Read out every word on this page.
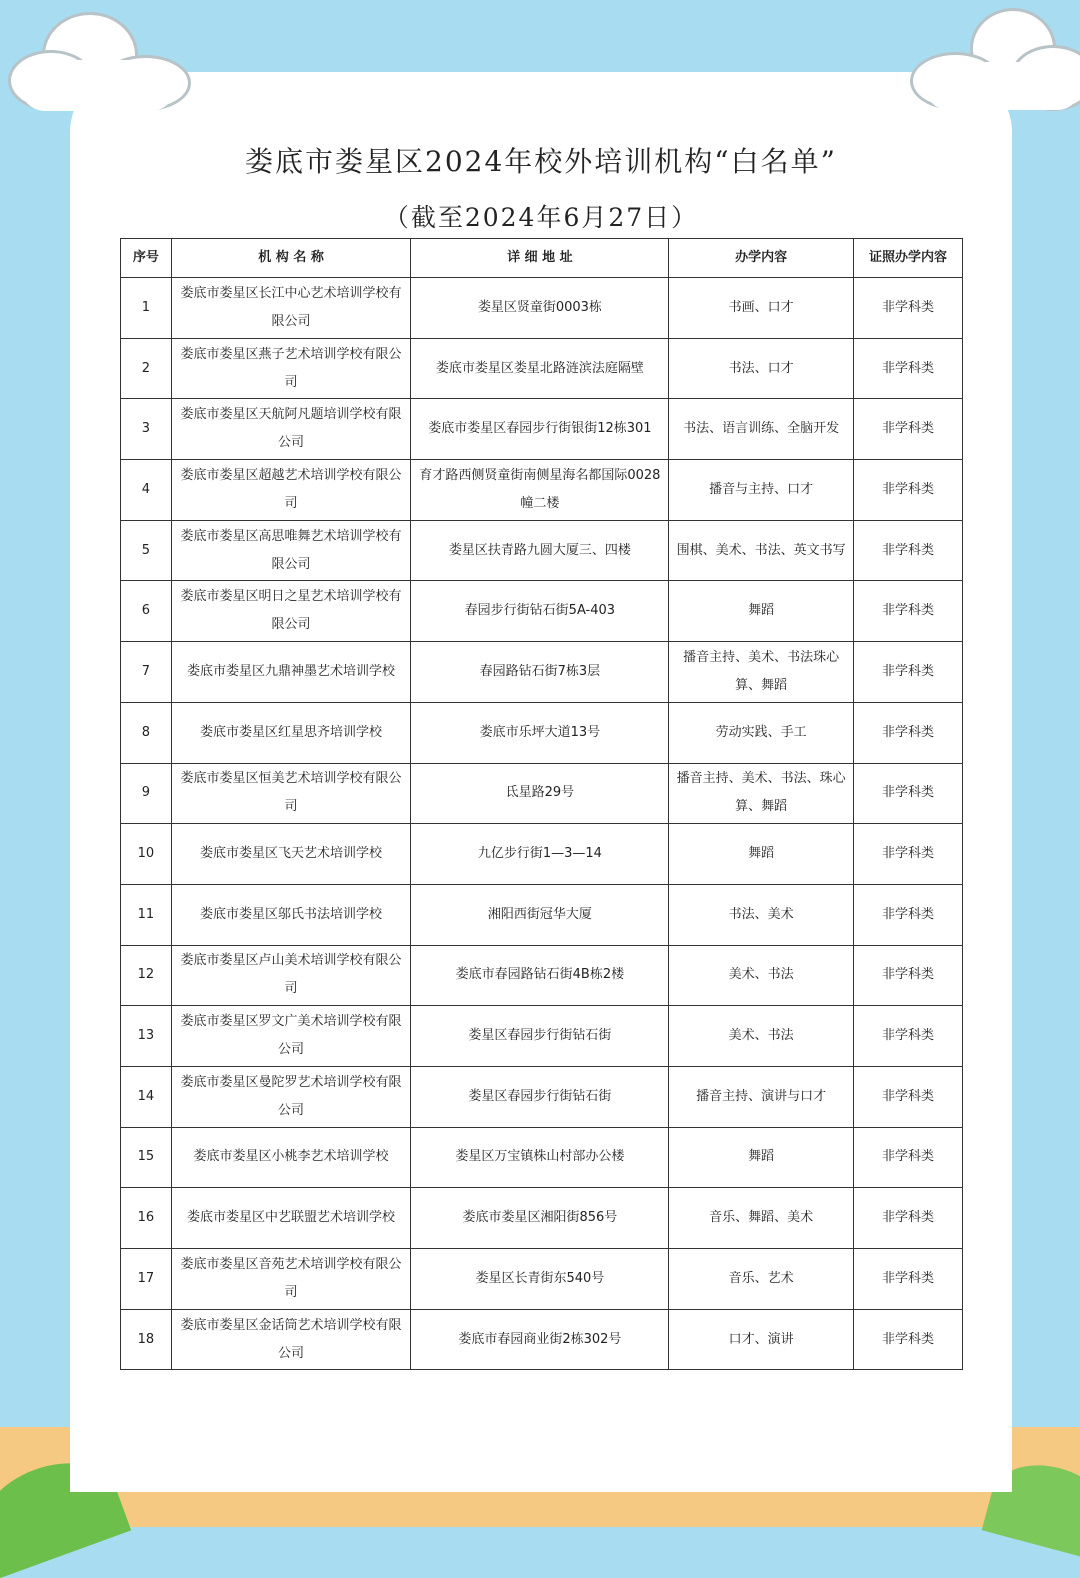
娄底市娄星区2024年校外培训机构“白名单”
（截至2024年6月27日）
序号	机 构 名 称	详 细 地 址	办学内容	证照办学内容
1	娄底市娄星区长江中心艺术培训学校有限公司	娄星区贤童街0003栋	书画、口才	非学科类
2	娄底市娄星区燕子艺术培训学校有限公司	娄底市娄星区娄星北路涟滨法庭隔壁	书法、口才	非学科类
3	娄底市娄星区天航阿凡题培训学校有限公司	娄底市娄星区春园步行街银街12栋301	书法、语言训练、全脑开发	非学科类
4	娄底市娄星区超越艺术培训学校有限公司	育才路西侧贤童街南侧星海名都国际0028幢二楼	播音与主持、口才	非学科类
5	娄底市娄星区高思唯舞艺术培训学校有限公司	娄星区扶青路九圆大厦三、四楼	围棋、美术、书法、英文书写	非学科类
6	娄底市娄星区明日之星艺术培训学校有限公司	春园步行街钻石街5A-403	舞蹈	非学科类
7	娄底市娄星区九鼎神墨艺术培训学校	春园路钻石街7栋3层	播音主持、美术、书法珠心算、舞蹈	非学科类
8	娄底市娄星区红星思齐培训学校	娄底市乐坪大道13号	劳动实践、手工	非学科类
9	娄底市娄星区恒美艺术培训学校有限公司	氐星路29号	播音主持、美术、书法、珠心算、舞蹈	非学科类
10	娄底市娄星区飞天艺术培训学校	九亿步行街1—3—14	舞蹈	非学科类
11	娄底市娄星区邬氏书法培训学校	湘阳西街冠华大厦	书法、美术	非学科类
12	娄底市娄星区卢山美术培训学校有限公司	娄底市春园路钻石街4B栋2楼	美术、书法	非学科类
13	娄底市娄星区罗文广美术培训学校有限公司	娄星区春园步行街钻石街	美术、书法	非学科类
14	娄底市娄星区曼陀罗艺术培训学校有限公司	娄星区春园步行街钻石街	播音主持、演讲与口才	非学科类
15	娄底市娄星区小桃李艺术培训学校	娄星区万宝镇株山村部办公楼	舞蹈	非学科类
16	娄底市娄星区中艺联盟艺术培训学校	娄底市娄星区湘阳街856号	音乐、舞蹈、美术	非学科类
17	娄底市娄星区音苑艺术培训学校有限公司	娄星区长青街东540号	音乐、艺术	非学科类
18	娄底市娄星区金话筒艺术培训学校有限公司	娄底市春园商业街2栋302号	口才、演讲	非学科类
